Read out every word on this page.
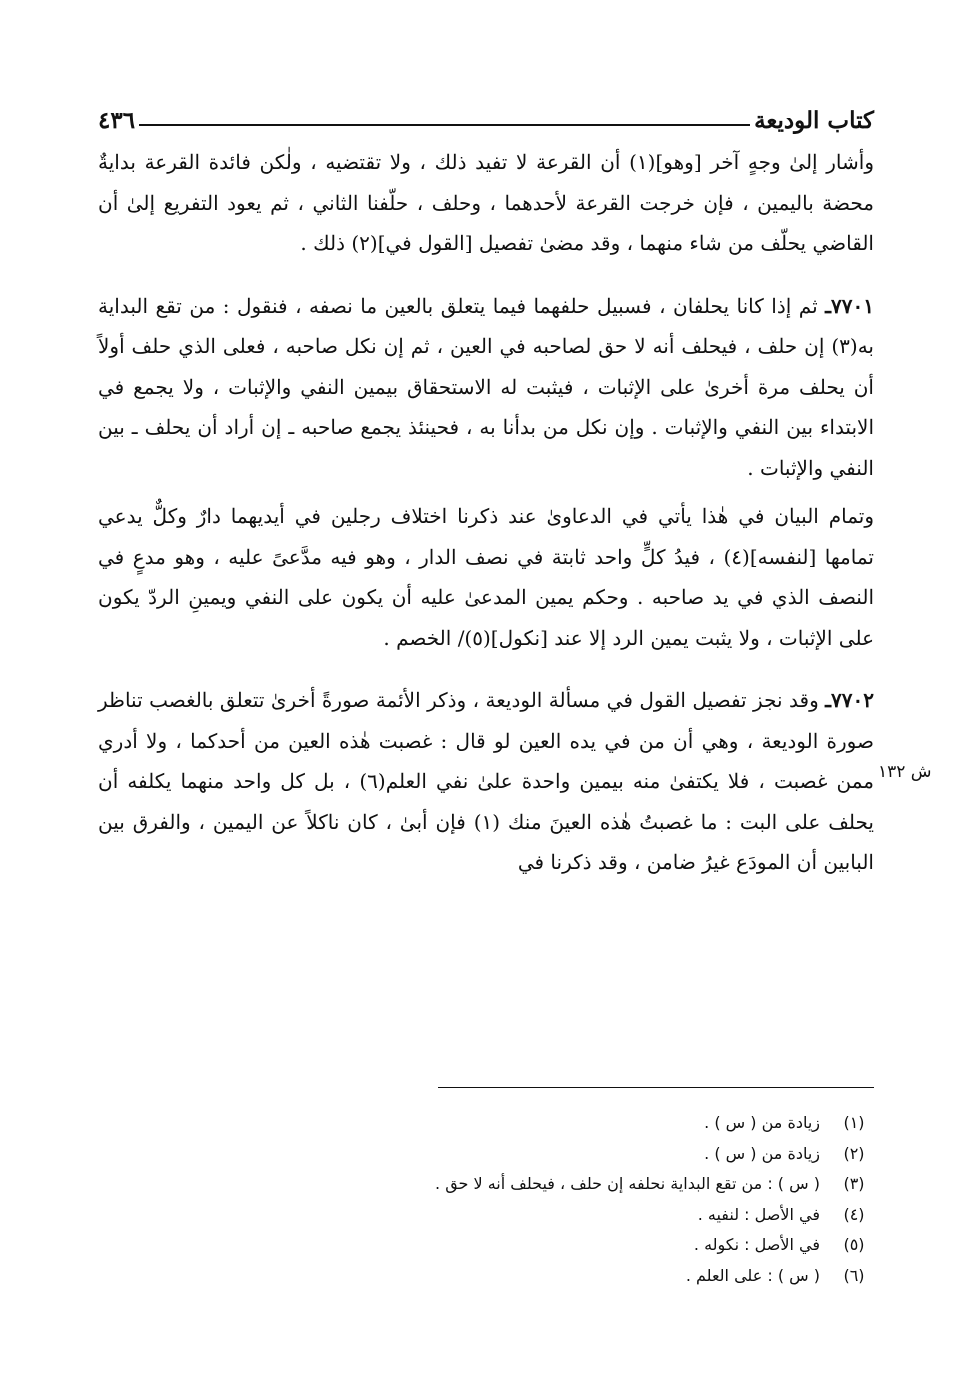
كتاب الوديعة
٤٣٦

وأشار إلىٰ وجهٍ آخر [وهو](١) أن القرعة لا تفيد ذلك ، ولا تقتضيه ، ولٰكن فائدة القرعة بدايةٌ محضة باليمين ، فإن خرجت القرعة لأحدهما ، وحلف ، حلّفنا الثاني ، ثم يعود التفريع إلىٰ أن القاضي يحلّف من شاء منهما ، وقد مضىٰ تفصيل [القول في](٢) ذلك .

٧٧٠١ـ ثم إذا كانا يحلفان ، فسبيل حلفهما فيما يتعلق بالعين ما نصفه ، فنقول : من تقع البداية به(٣) إن حلف ، فيحلف أنه لا حق لصاحبه في العين ، ثم إن نكل صاحبه ، فعلى الذي حلف أولاً أن يحلف مرة أخرىٰ على الإثبات ، فيثبت له الاستحقاق بيمين النفي والإثبات ، ولا يجمع في الابتداء بين النفي والإثبات . وإن نكل من بدأنا به ، فحينئذ يجمع صاحبه ـ إن أراد أن يحلف ـ بين النفي والإثبات .

وتمام البيان في هٰذا يأتي في الدعاوىٰ عند ذكرنا اختلاف رجلين في أيديهما دارٌ وكلٌّ يدعي تمامها [لنفسه](٤) ، فيدُ كلٍّ واحد ثابتة في نصف الدار ، وهو فيه مدَّعىً عليه ، وهو مدعٍ في النصف الذي في يد صاحبه . وحكم يمين المدعىٰ عليه أن يكون على النفي ويمينِ الردّ يكون على الإثبات ، ولا يثبت يمين الرد إلا عند [نكول](٥)/ الخصم .

٧٧٠٢ـ وقد نجز تفصيل القول في مسألة الوديعة ، وذكر الأئمة صورةً أخرىٰ تتعلق بالغصب تناظر صورة الوديعة ، وهي أن من في يده العين لو قال : غصبت هٰذه العين من أحدكما ، ولا أدري ممن غصبت ، فلا يكتفىٰ منه بيمين واحدة علىٰ نفي العلم(٦) ، بل كل واحد منهما يكلفه أن يحلف على البت : ما غصبتُ هٰذه العينَ منك (١) فإن أبىٰ ، كان ناكلاً عن اليمين ، والفرق بين البابين أن المودَع غيرُ ضامن ، وقد ذكرنا في

ش ١٣٢
(١)
زيادة من ( س ) .
(٢)
زيادة من ( س ) .
(٣)
( س ) : من تقع البداية نحلفه إن حلف ، فيحلف أنه لا حق .
(٤)
في الأصل : لنفيه .
(٥)
في الأصل : نكوله .
(٦)
( س ) : على العلم .
